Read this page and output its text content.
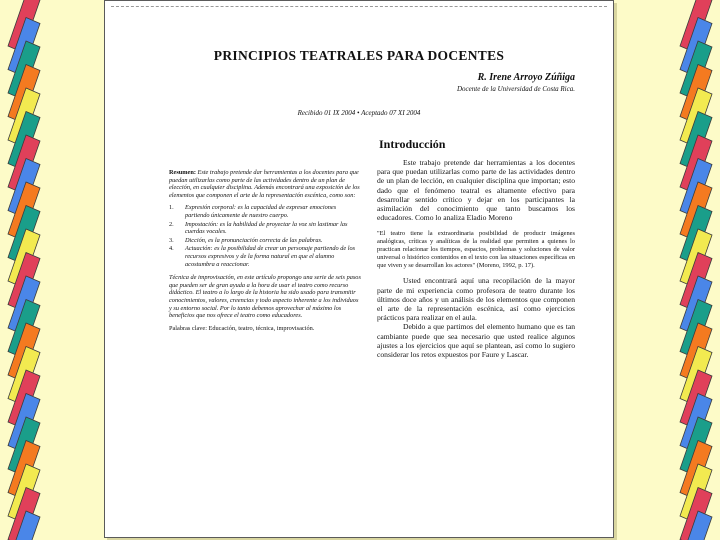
PRINCIPIOS TEATRALES PARA DOCENTES
R. Irene Arroyo Zúñiga
Docente de la Universidad de Costa Rica.
Recibido 01 IX 2004 • Aceptado 07 XI 2004

Resumen: Este trabajo pretende dar herramientas a los docentes para que puedan utilizarlas como parte de las actividades dentro de un plan de elección, en cualquier disciplina. Además encontrará una exposición de los elementos que componen el arte de la representación escénica, como son:

1.	Expresión corporal: es la capacidad de expresar emociones partiendo únicamente de nuestro cuerpo.
2.	Impostación: es la habilidad de proyectar la voz sin lastimar las cuerdas vocales.
3.	Dicción, es la pronunciación correcta de las palabras.
4.	Actuación: es la posibilidad de crear un personaje partiendo de los recursos expresivos y de la forma natural en que el alumno acostumbra a reaccionar.

Técnica de improvisación, en este artículo propongo una serie de seis pasos que pueden ser de gran ayuda a la hora de usar el teatro como recurso didáctico. El teatro a lo largo de la historia ha sido usado para transmitir conocimientos, valores, creencias y todo aspecto inherente a los individuos y su entorno social. Por lo tanto debemos aprovechar al máximo los beneficios que nos ofrece el teatro como educadores.

Palabras clave: Educación, teatro, técnica, improvisación.

Introducción

Este trabajo pretende dar herramientas a los docentes para que puedan utilizarlas como parte de las actividades dentro de un plan de lección, en cualquier disciplina que importan; esto dado que el fenómeno teatral es altamente efectivo para desarrollar sentido crítico y dejar en los participantes la asimilación del conocimiento que tanto buscamos los educadores. Como lo analiza Eladio Moreno

"El teatro tiene la extraordinaria posibilidad de producir imágenes analógicas, críticas y analíticas de la realidad que permiten a quienes lo practican relacionar los tiempos, espacios, problemas y soluciones de valor universal o histórico contenidos en el texto con las situaciones específicas en que viven y se desarrollan los actores" (Moreno, 1992, p. 17).

Usted encontrará aquí una recopilación de la mayor parte de mi experiencia como profesora de teatro durante los últimos doce años y un análisis de los elementos que componen el arte de la representación escénica, así como ejercicios prácticos para realizar en el aula.

Debido a que partimos del elemento humano que es tan cambiante puede que sea necesario que usted realice algunos ajustes a los ejercicios que aquí se plantean, así como lo sugiero considerar los retos expuestos por Faure y Lascar.
